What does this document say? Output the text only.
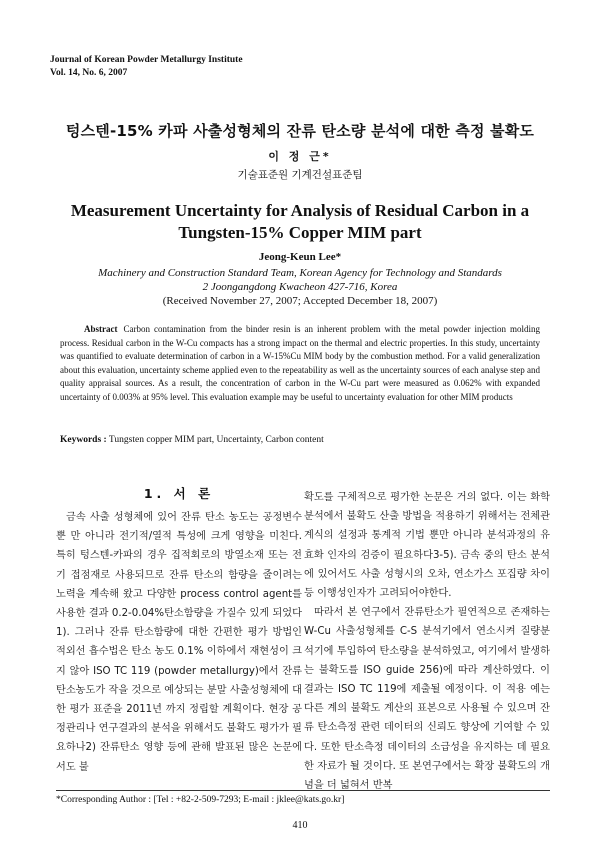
Journal of Korean Powder Metallurgy Institute
Vol. 14, No. 6, 2007
텅스텐-15% 카파 사출성형체의 잔류 탄소량 분석에 대한 측정 불확도
이 정 근*
기술표준원 기계건설표준팀
Measurement Uncertainty for Analysis of Residual Carbon in a Tungsten-15% Copper MIM part
Jeong-Keun Lee*
Machinery and Construction Standard Team, Korean Agency for Technology and Standards
2 Joongangdong Kwacheon 427-716, Korea
(Received November 27, 2007; Accepted December 18, 2007)
Abstract Carbon contamination from the binder resin is an inherent problem with the metal powder injection molding process. Residual carbon in the W-Cu compacts has a strong impact on the thermal and electric properties. In this study, uncertainty was quantified to evaluate determination of carbon in a W-15%Cu MIM body by the combustion method. For a valid generalization about this evaluation, uncertainty scheme applied even to the repeatability as well as the uncertainty sources of each analyse step and quality appraisal sources. As a result, the concentration of carbon in the W-Cu part were measured as 0.062% with expanded uncertainty of 0.003% at 95% level. This evaluation example may be useful to uncertainty evaluation for other MIM products
Keywords : Tungsten copper MIM part, Uncertainty, Carbon content
1. 서 론
금속 사출 성형체에 있어 잔류 탄소 농도는 공정변수 뿐 만 아니라 전기적/열적 특성에 크게 영향을 미친다. 특히 텅스텐-카파의 경우 집적회로의 방열소재 또는 전기 접점재로 사용되므로 잔류 탄소의 함량을 줄이려는 노력을 계속해 왔고 다양한 process control agent를 사용한 결과 0.2-0.04%탄소함량을 가질수 있게 되었다1). 그러나 잔류 탄소함량에 대한 간편한 평가 방법인 적외선 흡수법은 탄소 농도 0.1% 이하에서 재현성이 크지 않아 ISO TC 119 (powder metallurgy)에서 잔류 탄소농도가 작을 것으로 예상되는 분말 사출성형체에 대한 평가 표준을 2011년 까지 정립할 계획이다. 현장 공정관리나 연구결과의 분석을 위해서도 불확도 평가가 필요하나2) 잔류탄소 영향 등에 관해 발표된 많은 논문에서도 불
확도를 구체적으로 평가한 논문은 거의 없다. 이는 화학 분석에서 불확도 산출 방법을 적용하기 위해서는 전체관계식의 설정과 통계적 기법 뿐만 아니라 분석과정의 유효화 인자의 검증이 필요하다3-5). 금속 중의 탄소 분석에 있어서도 사출 성형시의 오차, 연소가스 포집량 차이 등 이행성인자가 고려되어야한다.
따라서 본 연구에서 잔류탄소가 필연적으로 존재하는 W-Cu 사출성형체를 C-S 분석기에서 연소시켜 질량분석기에 투입하여 탄소량을 분석하였고, 여기에서 발생하는 불확도를 ISO guide 256)에 따라 계산하였다. 이 결과는 ISO TC 119에 제출될 예정이다. 이 적용 예는 다른 계의 불확도 계산의 표본으로 사용될 수 있으며 잔류 탄소측정 관련 데이터의 신뢰도 향상에 기여할 수 있다. 또한 탄소측정 데이터의 소급성을 유지하는 데 필요한 자료가 될 것이다. 또 본연구에서는 확장 불확도의 개념을 더 넓혀서 반복
*Corresponding Author : [Tel : +82-2-509-7293; E-mail : jklee@kats.go.kr]
410
